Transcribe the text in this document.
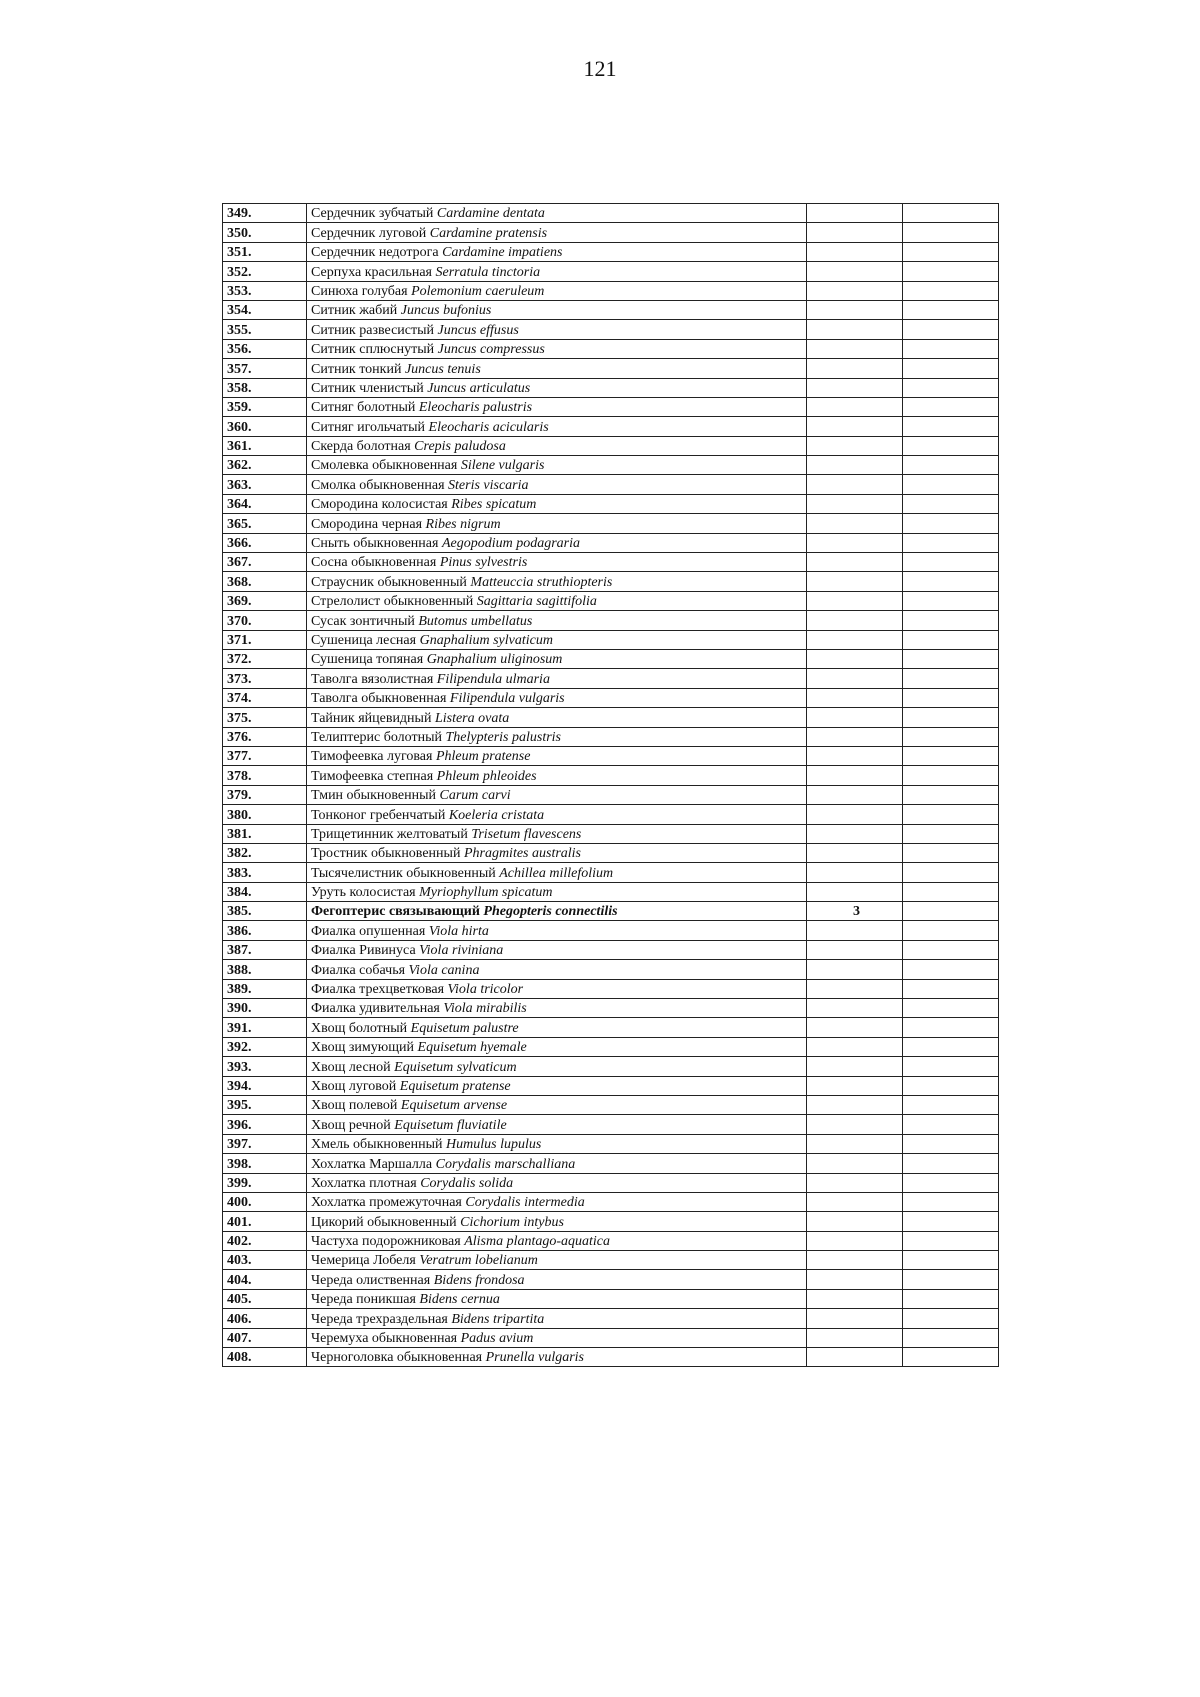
121
349.	Сердечник зубчатый Cardamine dentata		
350.	Сердечник луговой Cardamine pratensis		
351.	Сердечник недотрога Cardamine impatiens		
352.	Серпуха красильная Serratula tinctoria		
353.	Синюха голубая Polemonium caeruleum		
354.	Ситник жабий Juncus bufonius		
355.	Ситник развесистый Juncus effusus		
356.	Ситник сплюснутый Juncus compressus		
357.	Ситник тонкий Juncus tenuis		
358.	Ситник членистый Juncus articulatus		
359.	Ситняг болотный Eleocharis palustris		
360.	Ситняг игольчатый Eleocharis acicularis		
361.	Скерда болотная Crepis paludosa		
362.	Смолевка обыкновенная Silene vulgaris		
363.	Смолка обыкновенная Steris viscaria		
364.	Смородина колосистая Ribes spicatum		
365.	Смородина черная Ribes nigrum		
366.	Сныть обыкновенная Aegopodium podagraria		
367.	Сосна обыкновенная Pinus sylvestris		
368.	Страусник обыкновенный Matteuccia struthiopteris		
369.	Стрелолист обыкновенный Sagittaria sagittifolia		
370.	Сусак зонтичный Butomus umbellatus		
371.	Сушеница лесная Gnaphalium sylvaticum		
372.	Сушеница топяная Gnaphalium uliginosum		
373.	Таволга вязолистная Filipendula ulmaria		
374.	Таволга обыкновенная Filipendula vulgaris		
375.	Тайник яйцевидный Listera ovata		
376.	Телиптерис болотный Thelypteris palustris		
377.	Тимофеевка луговая Phleum pratense		
378.	Тимофеевка степная Phleum phleoides		
379.	Тмин обыкновенный Carum carvi		
380.	Тонконог гребенчатый Koeleria cristata		
381.	Трищетинник желтоватый Trisetum flavescens		
382.	Тростник обыкновенный Phragmites australis		
383.	Тысячелистник обыкновенный Achillea millefolium		
384.	Уруть колосистая Myriophyllum spicatum		
385.	Фегоптерис связывающий Phegopteris connectilis	3	
386.	Фиалка опушенная Viola hirta		
387.	Фиалка Ривинуса Viola riviniana		
388.	Фиалка собачья Viola canina		
389.	Фиалка трехцветковая Viola tricolor		
390.	Фиалка удивительная Viola mirabilis		
391.	Хвощ болотный Equisetum palustre		
392.	Хвощ зимующий Equisetum hyemale		
393.	Хвощ лесной Equisetum sylvaticum		
394.	Хвощ луговой Equisetum pratense		
395.	Хвощ полевой Equisetum arvense		
396.	Хвощ речной Equisetum fluviatile		
397.	Хмель обыкновенный Humulus lupulus		
398.	Хохлатка Маршалла Corydalis marschalliana		
399.	Хохлатка плотная Corydalis solida		
400.	Хохлатка промежуточная Corydalis intermedia		
401.	Цикорий обыкновенный Cichorium intybus		
402.	Частуха подорожниковая Alisma plantago-aquatica		
403.	Чемерица Лобеля Veratrum lobelianum		
404.	Череда олиственная Bidens frondosa		
405.	Череда поникшая Bidens cernua		
406.	Череда трехраздельная Bidens tripartita		
407.	Черемуха обыкновенная Padus avium		
408.	Черноголовка обыкновенная Prunella vulgaris		
